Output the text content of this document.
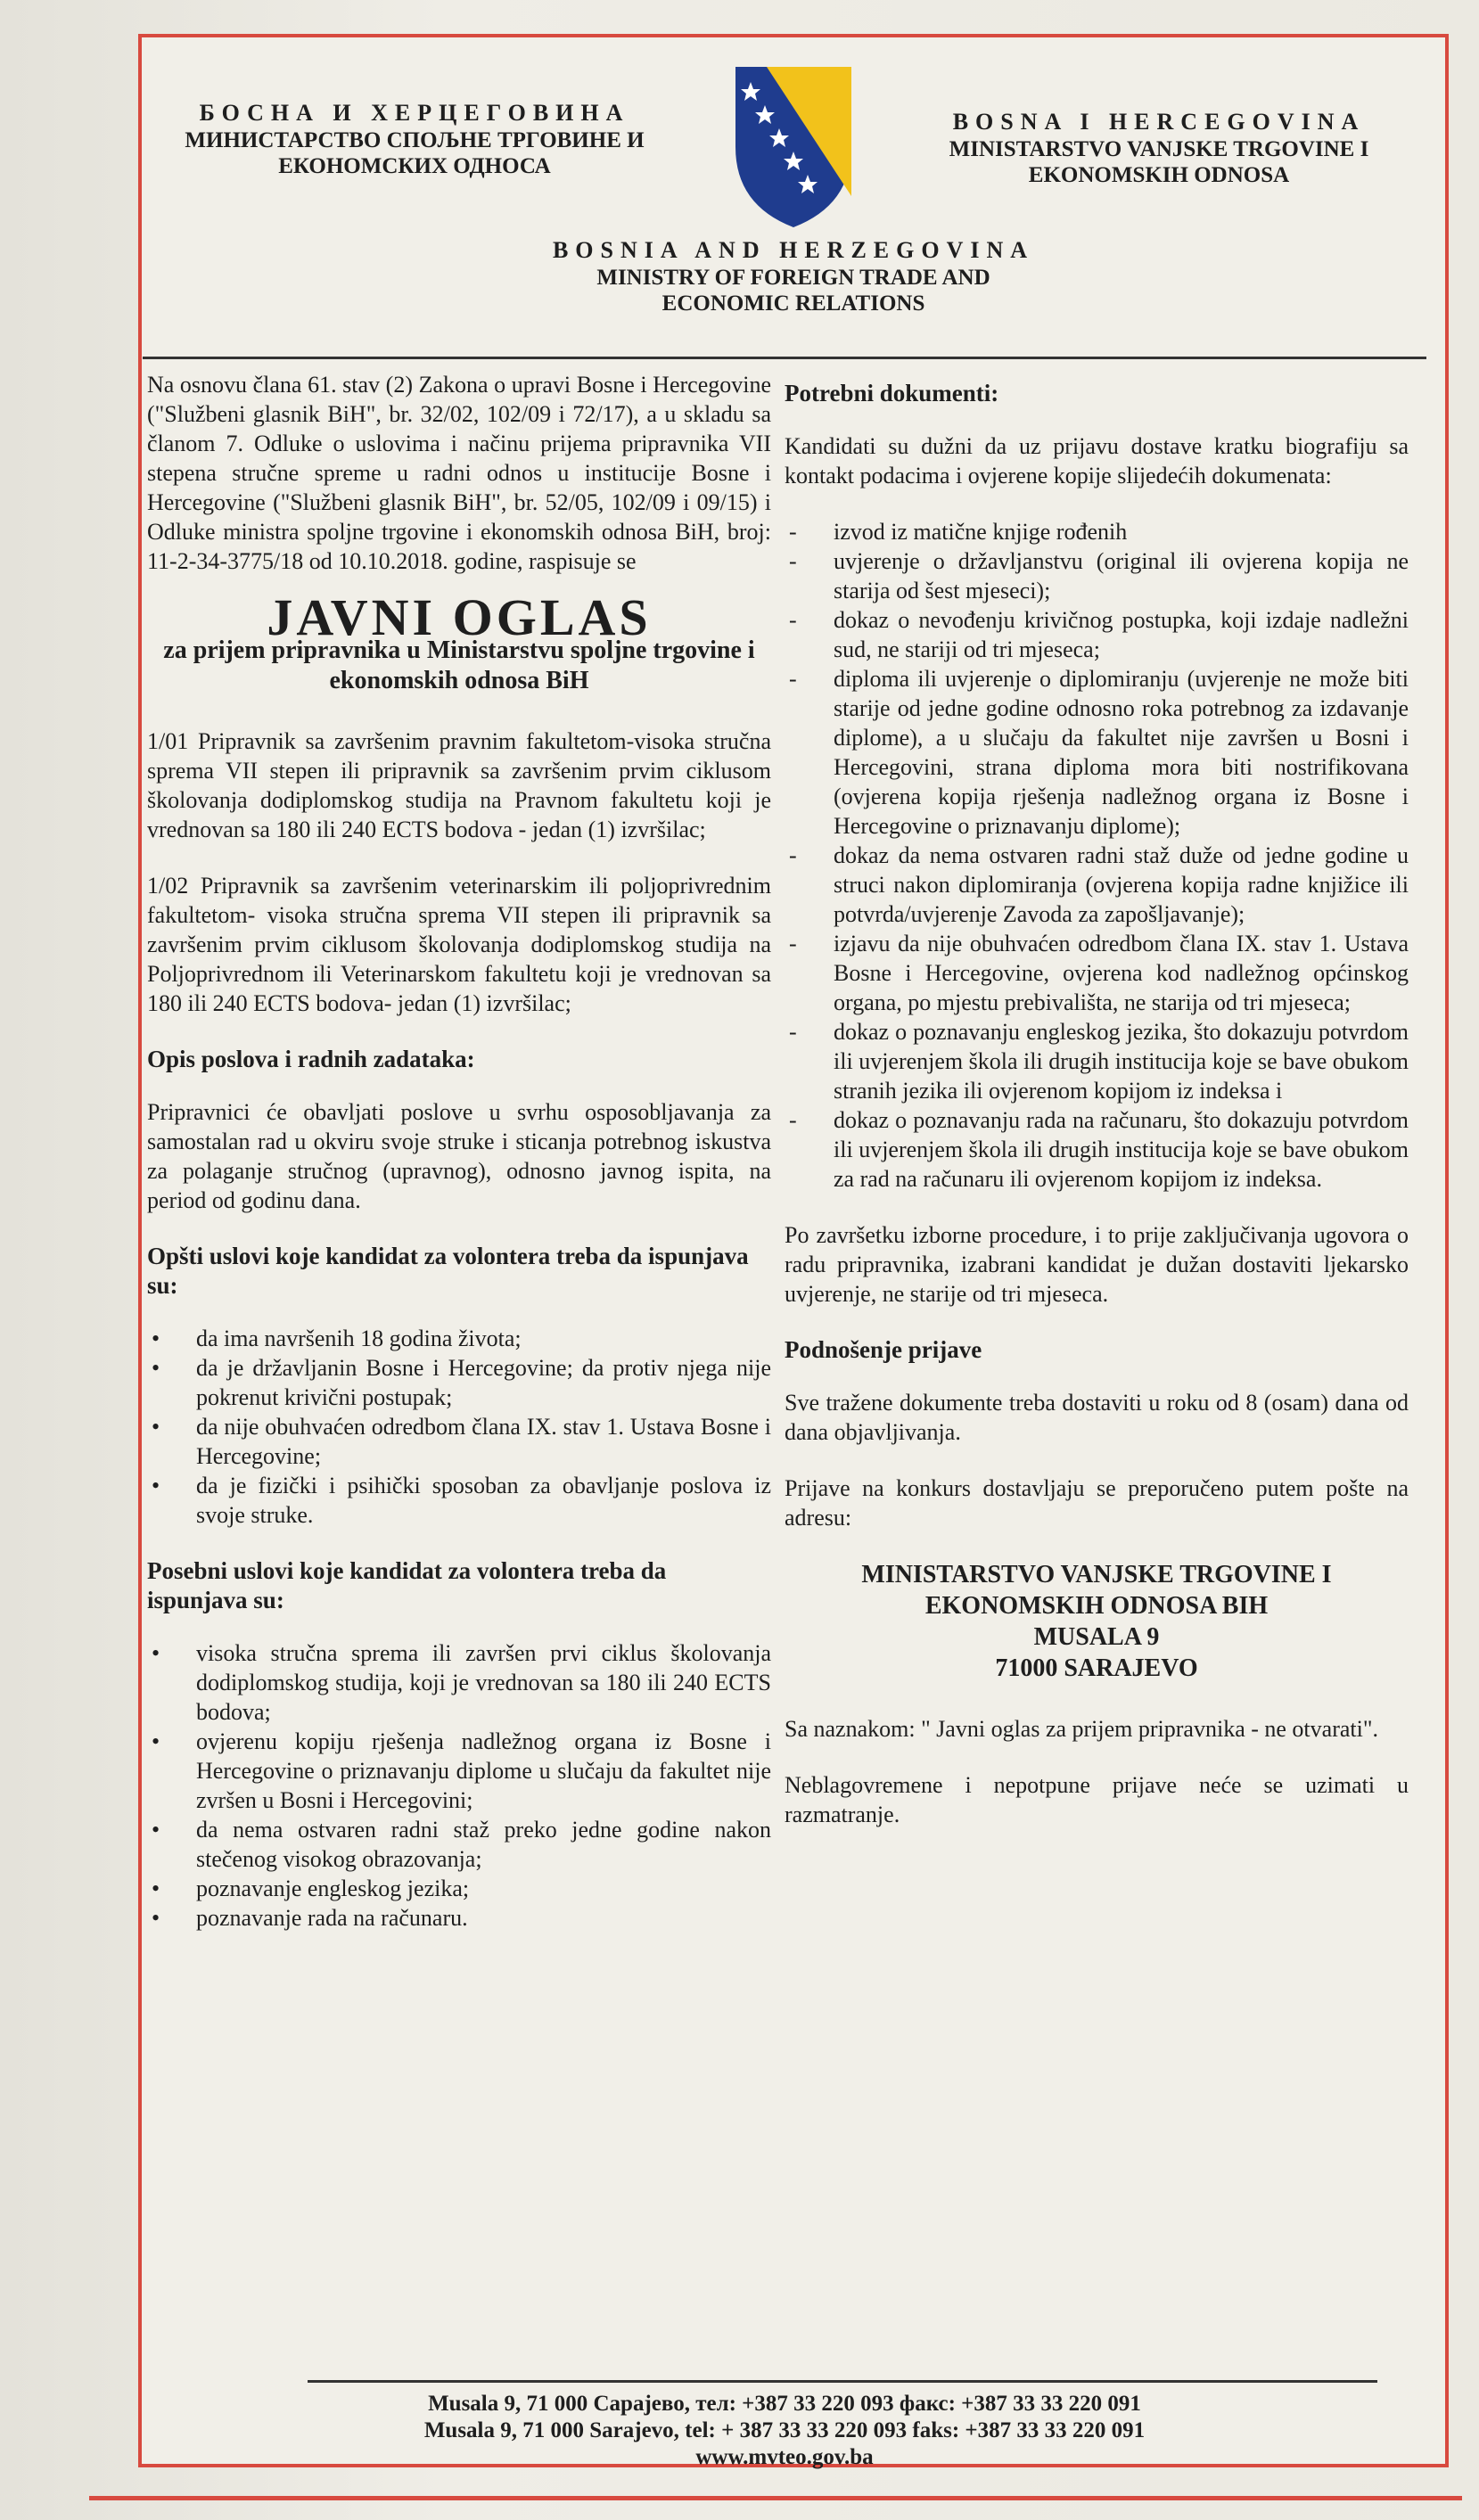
БОСНА И ХЕРЦЕГОВИНА
МИНИСТАРСТВО СПОЉНЕ ТРГОВИНЕ И
ЕКОНОМСКИХ ОДНОСА
BOSNA I HERCEGOVINA
MINISTARSTVO VANJSKE TRGOVINE I
EKONOMSKIH ODNOSA
BOSNIA AND HERZEGOVINA
MINISTRY OF FOREIGN TRADE AND
ECONOMIC RELATIONS

Na osnovu člana 61. stav (2) Zakona o upravi Bosne i Hercegovine ("Službeni glasnik BiH", br. 32/02, 102/09 i 72/17), a u skladu sa članom 7. Odluke o uslovima i načinu prijema pripravnika VII stepena stručne spreme u radni odnos u institucije Bosne i Hercegovine ("Službeni glasnik BiH", br. 52/05, 102/09 i 09/15) i Odluke ministra spoljne trgovine i ekonomskih odnosa BiH, broj: 11-2-34-3775/18 od 10.10.2018. godine, raspisuje se

JAVNI OGLAS
za prijem pripravnika u Ministarstvu spoljne trgovine i ekonomskih odnosa BiH

1/01 Pripravnik sa završenim pravnim fakultetom-visoka stručna sprema VII stepen ili pripravnik sa završenim prvim ciklusom školovanja dodiplomskog studija na Pravnom fakultetu koji je vrednovan sa 180 ili 240 ECTS bodova - jedan (1) izvršilac;

1/02 Pripravnik sa završenim veterinarskim ili poljoprivrednim fakultetom- visoka stručna sprema VII stepen ili pripravnik sa završenim prvim ciklusom školovanja dodiplomskog studija na Poljoprivrednom ili Veterinarskom fakultetu koji je vrednovan sa 180 ili 240 ECTS bodova- jedan (1) izvršilac;

Opis poslova i radnih zadataka:

Pripravnici će obavljati poslove u svrhu osposobljavanja za samostalan rad u okviru svoje struke i sticanja potrebnog iskustva za polaganje stručnog (upravnog), odnosno javnog ispita, na period od godinu dana.

Opšti uslovi koje kandidat za volontera treba da ispunjava su:
• da ima navršenih 18 godina života;
• da je državljanin Bosne i Hercegovine; da protiv njega nije pokrenut krivični postupak;
• da nije obuhvaćen odredbom člana IX. stav 1. Ustava Bosne i Hercegovine;
• da je fizički i psihički sposoban za obavljanje poslova iz svoje struke.
Posebni uslovi koje kandidat za volontera treba da ispunjava su:
• visoka stručna sprema ili završen prvi ciklus školovanja dodiplomskog studija, koji je vrednovan sa 180 ili 240 ECTS bodova;
• ovjerenu kopiju rješenja nadležnog organa iz Bosne i Hercegovine o priznavanju diplome u slučaju da fakultet nije zvršen u Bosni i Hercegovini;
• da nema ostvaren radni staž preko jedne godine nakon stečenog visokog obrazovanja;
• poznavanje engleskog jezika;
• poznavanje rada na računaru.
Potrebni dokumenti:

Kandidati su dužni da uz prijavu dostave kratku biografiju sa kontakt podacima i ovjerene kopije slijedećih dokumenata:

- izvod iz matične knjige rođenih
- uvjerenje o državljanstvu (original ili ovjerena kopija ne starija od šest mjeseci);
- dokaz o nevođenju krivičnog postupka, koji izdaje nadležni sud, ne stariji od tri mjeseca;
- diploma ili uvjerenje o diplomiranju (uvjerenje ne može biti starije od jedne godine odnosno roka potrebnog za izdavanje diplome), a u slučaju da fakultet nije završen u Bosni i Hercegovini, strana diploma mora biti nostrifikovana (ovjerena kopija rješenja nadležnog organa iz Bosne i Hercegovine o priznavanju diplome);
- dokaz da nema ostvaren radni staž duže od jedne godine u struci nakon diplomiranja (ovjerena kopija radne knjižice ili potvrda/uvjerenje Zavoda za zapošljavanje);
- izjavu da nije obuhvaćen odredbom člana IX. stav 1. Ustava Bosne i Hercegovine, ovjerena kod nadležnog općinskog organa, po mjestu prebivališta, ne starija od tri mjeseca;
- dokaz o poznavanju engleskog jezika, što dokazuju potvrdom ili uvjerenjem škola ili drugih institucija koje se bave obukom stranih jezika ili ovjerenom kopijom iz indeksa i
- dokaz o poznavanju rada na računaru, što dokazuju potvrdom ili uvjerenjem škola ili drugih institucija koje se bave obukom za rad na računaru ili ovjerenom kopijom iz indeksa.

Po završetku izborne procedure, i to prije zaključivanja ugovora o radu pripravnika, izabrani kandidat je dužan dostaviti ljekarsko uvjerenje, ne starije od tri mjeseca.

Podnošenje prijave

Sve tražene dokumente treba dostaviti u roku od 8 (osam) dana od dana objavljivanja.

Prijave na konkurs dostavljaju se preporučeno putem pošte na adresu:

MINISTARSTVO VANJSKE TRGOVINE I
EKONOMSKIH ODNOSA BIH
MUSALA 9
71000 SARAJEVO

Sa naznakom: " Javni oglas za prijem pripravnika - ne otvarati".

Neblagovremene i nepotpune prijave neće se uzimati u razmatranje.

Musala 9, 71 000 Сарајево, тел: +387 33 220 093 факс: +387 33 33 220 091
Musala 9, 71 000 Sarajevo, tel: + 387 33 33 220 093 faks: +387 33 33 220 091
www.mvteo.gov.ba
